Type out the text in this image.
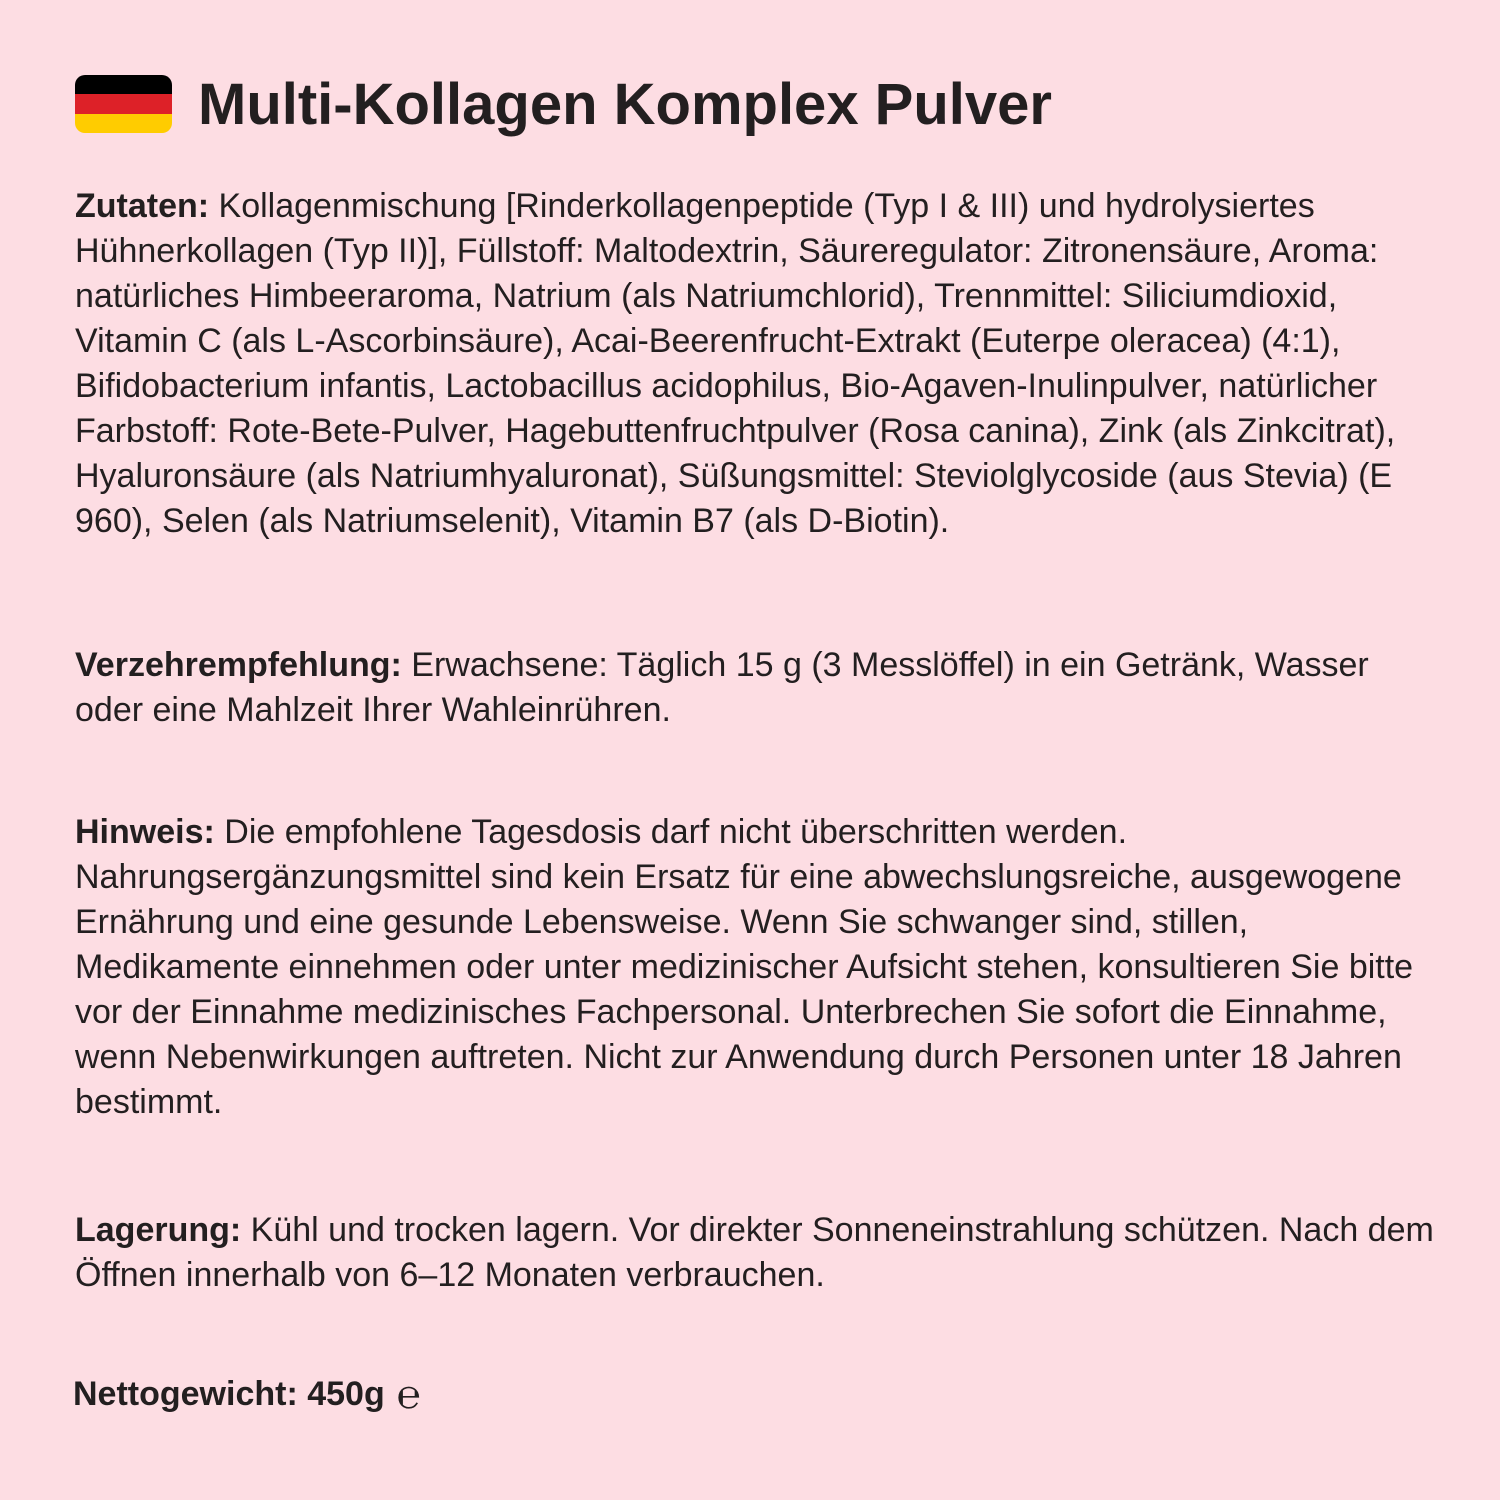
Multi-Kollagen Komplex Pulver
Zutaten: Kollagenmischung [Rinderkollagenpeptide (Typ I & III) und hydrolysiertes Hühnerkollagen (Typ II)], Füllstoff: Maltodextrin, Säureregulator: Zitronensäure, Aroma: natürliches Himbeeraroma, Natrium (als Natriumchlorid), Trennmittel: Siliciumdioxid, Vitamin C (als L-Ascorbinsäure), Acai-Beerenfrucht-Extrakt (Euterpe oleracea) (4:1), Bifidobacterium infantis, Lactobacillus acidophilus, Bio-Agaven-Inulinpulver, natürlicher Farbstoff: Rote-Bete-Pulver, Hagebuttenfruchtpulver (Rosa canina), Zink (als Zinkcitrat), Hyaluronsäure (als Natriumhyaluronat), Süßungsmittel: Steviolglycoside (aus Stevia) (E 960), Selen (als Natriumselenit), Vitamin B7 (als D-Biotin).
Verzehrempfehlung: Erwachsene: Täglich 15 g (3 Messlöffel) in ein Getränk, Wasser oder eine Mahlzeit Ihrer Wahleinrühren.
Hinweis: Die empfohlene Tagesdosis darf nicht überschritten werden. Nahrungsergänzungsmittel sind kein Ersatz für eine abwechslungsreiche, ausgewogene Ernährung und eine gesunde Lebensweise. Wenn Sie schwanger sind, stillen, Medikamente einnehmen oder unter medizinischer Aufsicht stehen, konsultieren Sie bitte vor der Einnahme medizinisches Fachpersonal. Unterbrechen Sie sofort die Einnahme, wenn Nebenwirkungen auftreten. Nicht zur Anwendung durch Personen unter 18 Jahren bestimmt.
Lagerung: Kühl und trocken lagern. Vor direkter Sonneneinstrahlung schützen. Nach dem Öffnen innerhalb von 6–12 Monaten verbrauchen.
Nettogewicht: 450g ℮
